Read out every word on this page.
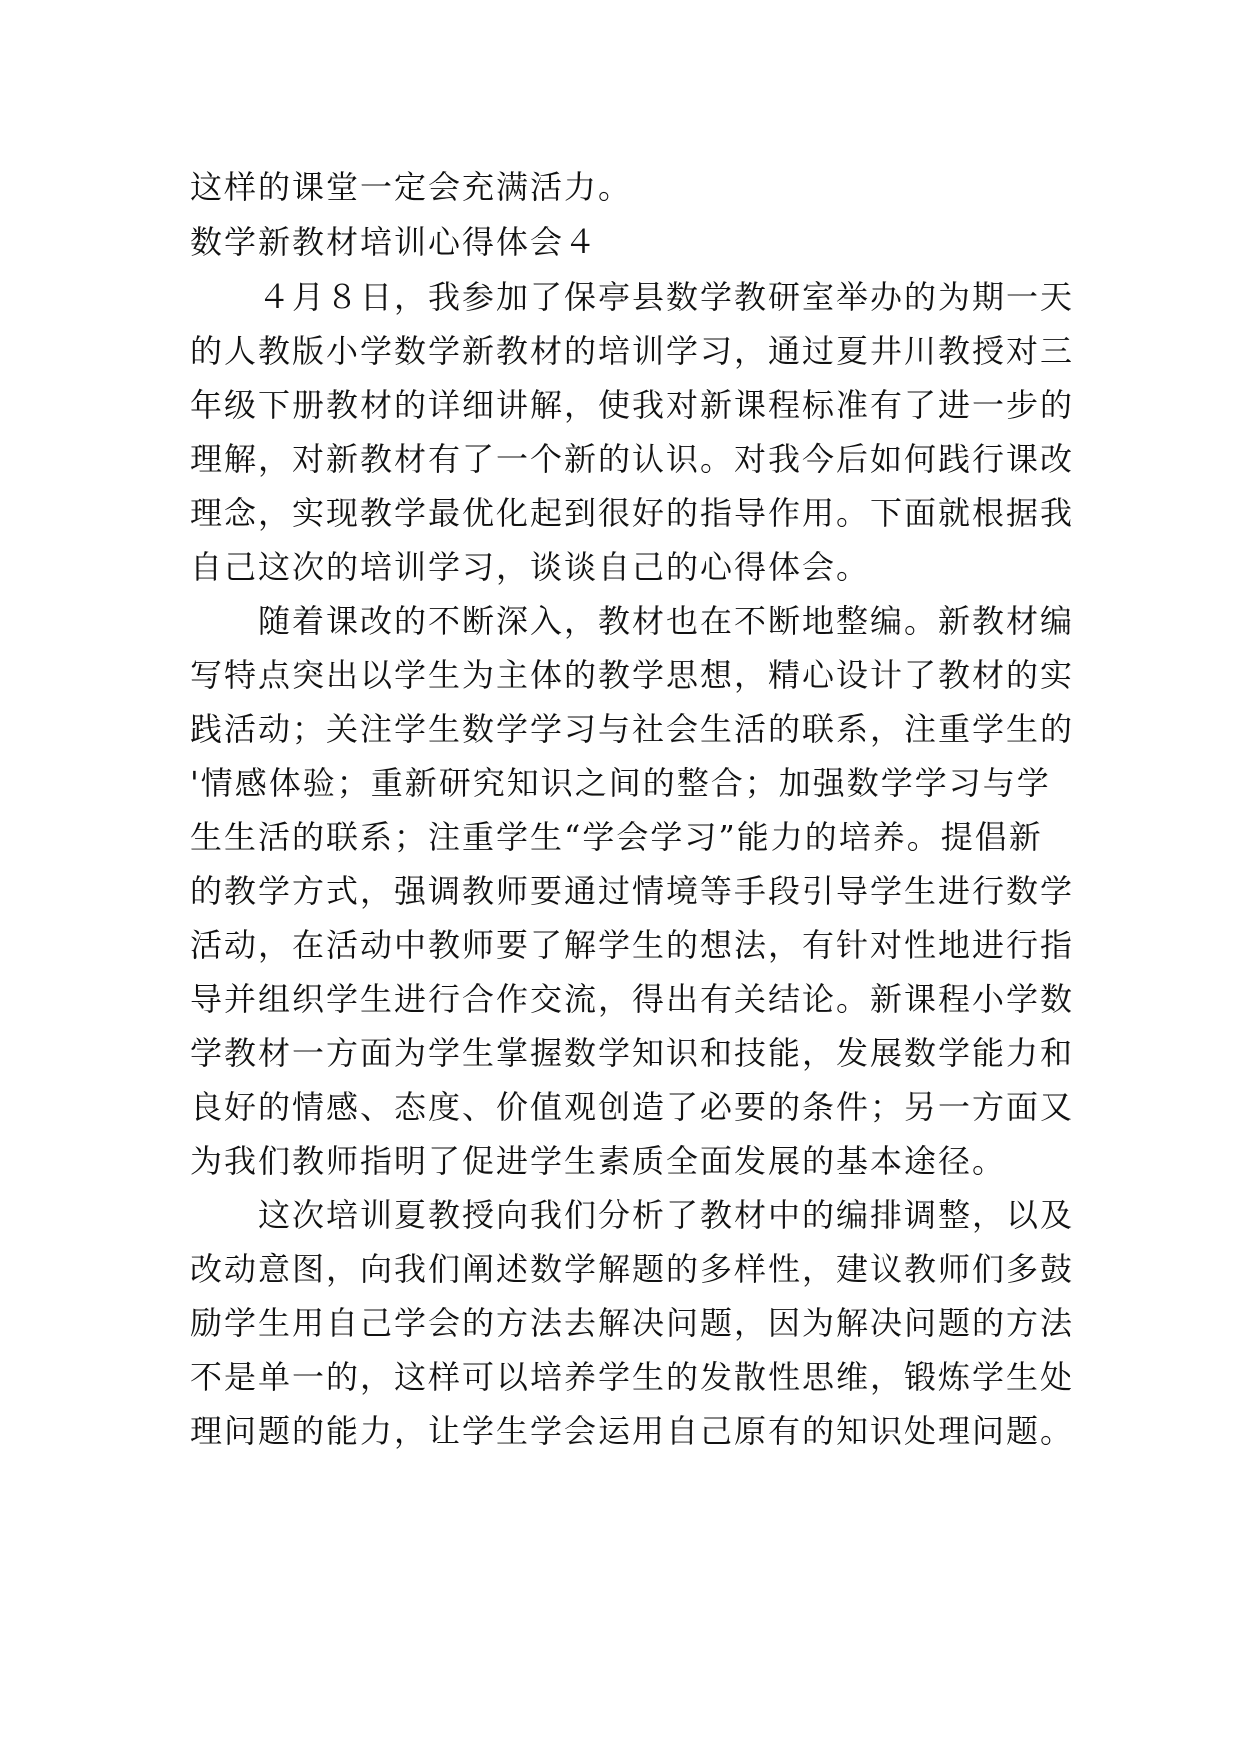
这样的课堂一定会充满活力。
数学新教材培训心得体会４
　　４月８日，我参加了保亭县数学教研室举办的为期一天
的人教版小学数学新教材的培训学习，通过夏井川教授对三
年级下册教材的详细讲解，使我对新课程标准有了进一步的
理解，对新教材有了一个新的认识。对我今后如何践行课改
理念，实现教学最优化起到很好的指导作用。下面就根据我
自己这次的培训学习，谈谈自己的心得体会。
　　随着课改的不断深入，教材也在不断地整编。新教材编
写特点突出以学生为主体的教学思想，精心设计了教材的实
践活动；关注学生数学学习与社会生活的联系，注重学生的
'情感体验；重新研究知识之间的整合；加强数学学习与学
生生活的联系；注重学生“学会学习”能力的培养。提倡新
的教学方式，强调教师要通过情境等手段引导学生进行数学
活动，在活动中教师要了解学生的想法，有针对性地进行指
导并组织学生进行合作交流，得出有关结论。新课程小学数
学教材一方面为学生掌握数学知识和技能，发展数学能力和
良好的情感、态度、价值观创造了必要的条件；另一方面又
为我们教师指明了促进学生素质全面发展的基本途径。
　　这次培训夏教授向我们分析了教材中的编排调整，以及
改动意图，向我们阐述数学解题的多样性，建议教师们多鼓
励学生用自己学会的方法去解决问题，因为解决问题的方法
不是单一的，这样可以培养学生的发散性思维，锻炼学生处
理问题的能力，让学生学会运用自己原有的知识处理问题。
